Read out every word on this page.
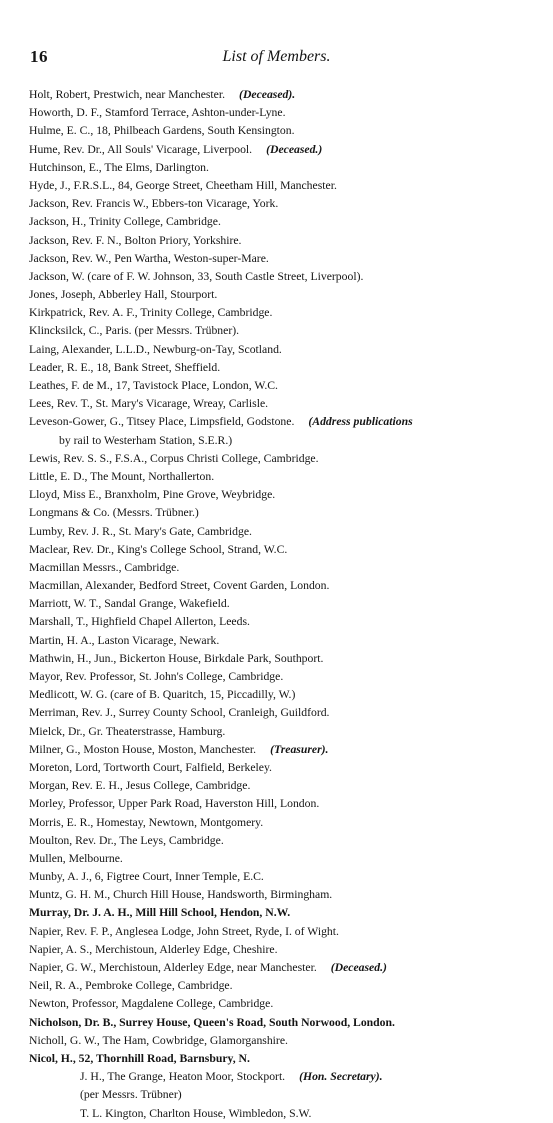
16	List of Members.
Holt, Robert, Prestwich, near Manchester. (Deceased).
Howorth, D. F., Stamford Terrace, Ashton-under-Lyne.
Hulme, E. C., 18, Philbeach Gardens, South Kensington.
Hume, Rev. Dr., All Souls' Vicarage, Liverpool. (Deceased.)
Hutchinson, E., The Elms, Darlington.
Hyde, J., F.R.S.L., 84, George Street, Cheetham Hill, Manchester.
Jackson, Rev. Francis W., Ebbers-ton Vicarage, York.
Jackson, H., Trinity College, Cambridge.
Jackson, Rev. F. N., Bolton Priory, Yorkshire.
Jackson, Rev. W., Pen Wartha, Weston-super-Mare.
Jackson, W. (care of F. W. Johnson, 33, South Castle Street, Liverpool).
Jones, Joseph, Abberley Hall, Stourport.
Kirkpatrick, Rev. A. F., Trinity College, Cambridge.
Klincksilck, C., Paris. (per Messrs. Trübner).
Laing, Alexander, L.L.D., Newburg-on-Tay, Scotland.
Leader, R. E., 18, Bank Street, Sheffield.
Leathes, F. de M., 17, Tavistock Place, London, W.C.
Lees, Rev. T., St. Mary's Vicarage, Wreay, Carlisle.
Leveson-Gower, G., Titsey Place, Limpsfield, Godstone. (Address publications
by rail to Westerham Station, S.E.R.)
Lewis, Rev. S. S., F.S.A., Corpus Christi College, Cambridge.
Little, E. D., The Mount, Northallerton.
Lloyd, Miss E., Branxholm, Pine Grove, Weybridge.
Longmans & Co. (Messrs. Trübner.)
Lumby, Rev. J. R., St. Mary's Gate, Cambridge.
Maclear, Rev. Dr., King's College School, Strand, W.C.
Macmillan Messrs., Cambridge.
Macmillan, Alexander, Bedford Street, Covent Garden, London.
Marriott, W. T., Sandal Grange, Wakefield.
Marshall, T., Highfield Chapel Allerton, Leeds.
Martin, H. A., Laston Vicarage, Newark.
Mathwin, H., Jun., Bickerton House, Birkdale Park, Southport.
Mayor, Rev. Professor, St. John's College, Cambridge.
Medlicott, W. G. (care of B. Quaritch, 15, Piccadilly, W.)
Merriman, Rev. J., Surrey County School, Cranleigh, Guildford.
Mielck, Dr., Gr. Theaterstrasse, Hamburg.
Milner, G., Moston House, Moston, Manchester. (Treasurer).
Moreton, Lord, Tortworth Court, Falfield, Berkeley.
Morgan, Rev. E. H., Jesus College, Cambridge.
Morley, Professor, Upper Park Road, Haverston Hill, London.
Morris, E. R., Homestay, Newtown, Montgomery.
Moulton, Rev. Dr., The Leys, Cambridge.
Mullen, Melbourne.
Munby, A. J., 6, Figtree Court, Inner Temple, E.C.
Muntz, G. H. M., Church Hill House, Handsworth, Birmingham.
Murray, Dr. J. A. H., Mill Hill School, Hendon, N.W.
Napier, Rev. F. P., Anglesea Lodge, John Street, Ryde, I. of Wight.
Napier, A. S., Merchistoun, Alderley Edge, Cheshire.
Napier, G. W., Merchistoun, Alderley Edge, near Manchester. (Deceased.)
Neil, R. A., Pembroke College, Cambridge.
Newton, Professor, Magdalene College, Cambridge.
Nicholson, Dr. B., Surrey House, Queen's Road, South Norwood, London.
Nicholl, G. W., The Ham, Cowbridge, Glamorganshire.
Nicol, H., 52, Thornhill Road, Barnsbury, N.
J. H., The Grange, Heaton Moor, Stockport. (Hon. Secretary).
(per Messrs. Trübner)
T. L. Kington, Charlton House, Wimbledon, S.W.
